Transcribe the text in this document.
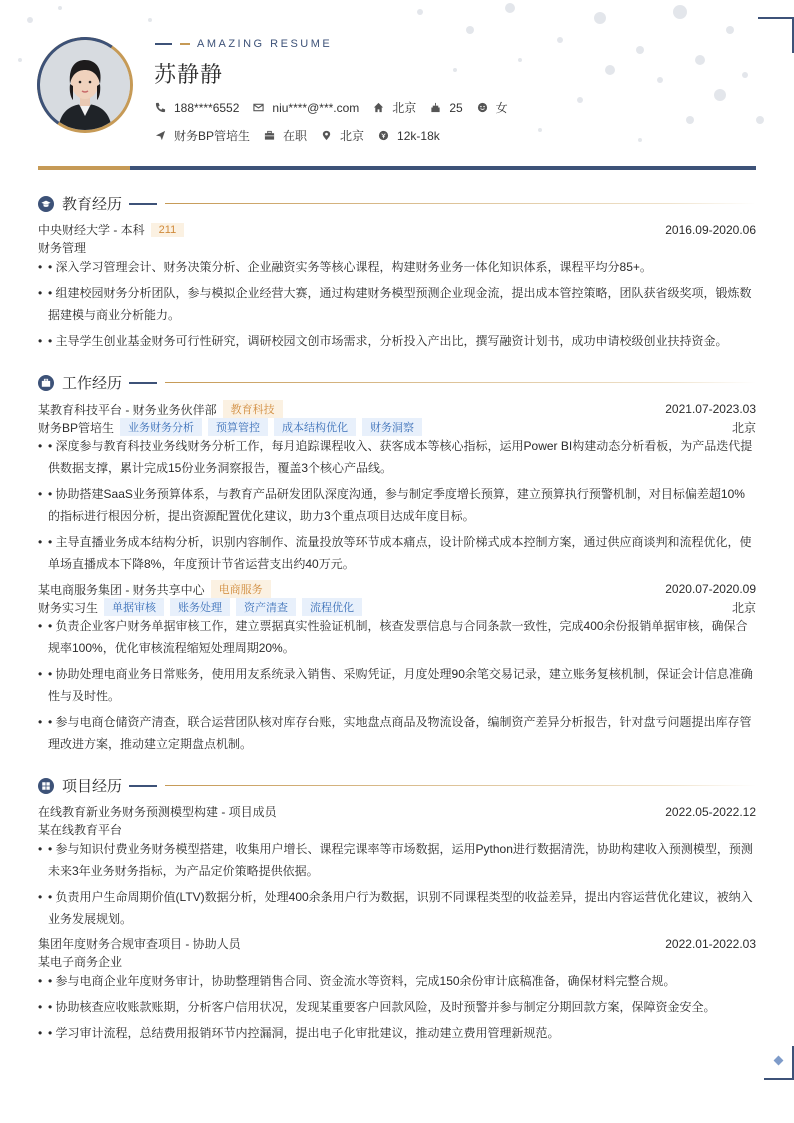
AMAZING RESUME
苏静静
188****6552	niu****@***.com	北京	25	女
财务BP管培生	在职	北京	12k-18k
教育经历
中央财经大学 - 本科	211	2016.09-2020.06
财务管理
• • 深入学习管理会计、财务决策分析、企业融资实务等核心课程，构建财务业务一体化知识体系，课程平均分85+。
• • 组建校园财务分析团队，参与模拟企业经营大赛，通过构建财务模型预测企业现金流，提出成本管控策略，团队获省级奖项，锻炼数据建模与商业分析能力。
• • 主导学生创业基金财务可行性研究，调研校园文创市场需求，分析投入产出比，撰写融资计划书，成功申请校级创业扶持资金。
工作经历
某教育科技平台 - 财务业务伙伴部	教育科技	2021.07-2023.03
财务BP管培生	业务财务分析	预算管控	成本结构优化	财务洞察	北京
• • 深度参与教育科技业务线财务分析工作，每月追踪课程收入、获客成本等核心指标，运用Power BI构建动态分析看板，为产品迭代提供数据支撑，累计完成15份业务洞察报告，覆盖3个核心产品线。
• • 协助搭建SaaS业务预算体系，与教育产品研发团队深度沟通，参与制定季度增长预算，建立预算执行预警机制，对目标偏差超10%的指标进行根因分析，提出资源配置优化建议，助力3个重点项目达成年度目标。
• • 主导直播业务成本结构分析，识别内容制作、流量投放等环节成本痛点，设计阶梯式成本控制方案，通过供应商谈判和流程优化，使单场直播成本下降8%，年度预计节省运营支出约40万元。
某电商服务集团 - 财务共享中心	电商服务	2020.07-2020.09
财务实习生	单据审核	账务处理	资产清查	流程优化	北京
• • 负责企业客户财务单据审核工作，建立票据真实性验证机制，核查发票信息与合同条款一致性，完成400余份报销单据审核，确保合规率100%，优化审核流程缩短处理周期20%。
• • 协助处理电商业务日常账务，使用用友系统录入销售、采购凭证，月度处理90余笔交易记录，建立账务复核机制，保证会计信息准确性与及时性。
• • 参与电商仓储资产清查，联合运营团队核对库存台账，实地盘点商品及物流设备，编制资产差异分析报告，针对盘亏问题提出库存管理改进方案，推动建立定期盘点机制。
项目经历
在线教育新业务财务预测模型构建 - 项目成员	2022.05-2022.12
某在线教育平台
• • 参与知识付费业务财务模型搭建，收集用户增长、课程完课率等市场数据，运用Python进行数据清洗，协助构建收入预测模型，预测未来3年业务财务指标，为产品定价策略提供依据。
• • 负责用户生命周期价值(LTV)数据分析，处理400余条用户行为数据，识别不同课程类型的收益差异，提出内容运营优化建议，被纳入业务发展规划。
集团年度财务合规审查项目 - 协助人员	2022.01-2022.03
某电子商务企业
• • 参与电商企业年度财务审计，协助整理销售合同、资金流水等资料，完成150余份审计底稿准备，确保材料完整合规。
• • 协助核查应收账款账期，分析客户信用状况，发现某重要客户回款风险，及时预警并参与制定分期回款方案，保障资金安全。
• • 学习审计流程，总结费用报销环节内控漏洞，提出电子化审批建议，推动建立费用管理新规范。
